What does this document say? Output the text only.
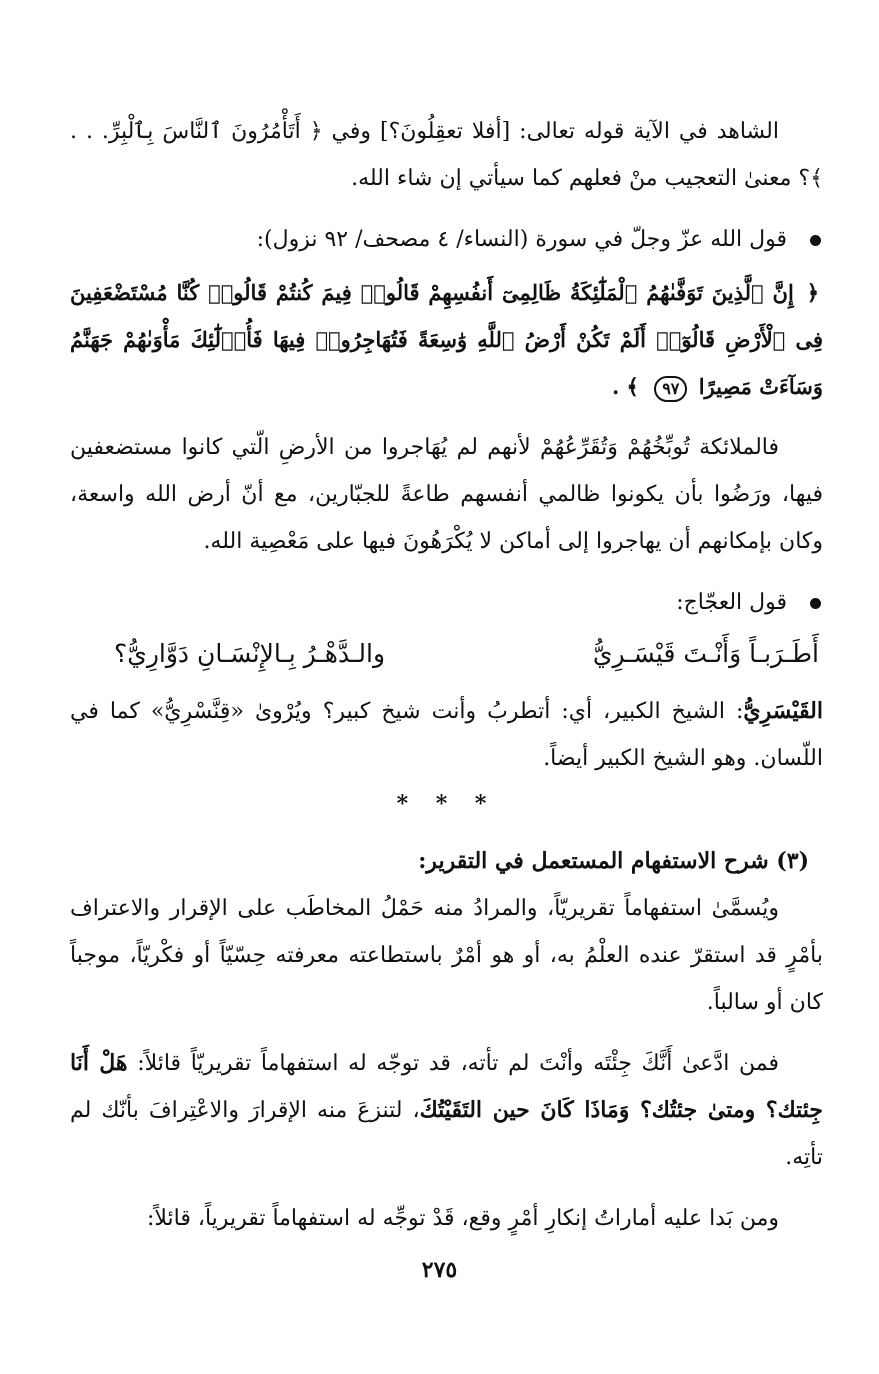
الشاهد في الآية قوله تعالى: [أفلا تعقِلُونَ؟] وفي ﴿ أَتَأْمُرُونَ ٱلنَّاسَ بِٱلْبِرِّ. . . ﴾؟ معنىٰ التعجيب منْ فعلهم كما سيأتي إن شاء الله.

قول الله عزّ وجلّ في سورة (النساء/ ٤ مصحف/ ٩٢ نزول):

﴿ إِنَّ ٱلَّذِينَ تَوَفَّىٰهُمُ ٱلْمَلَٰٓئِكَةُ ظَالِمِىٓ أَنفُسِهِمْ قَالُوا۟ فِيمَ كُنتُمْ قَالُوا۟ كُنَّا مُسْتَضْعَفِينَ فِى ٱلْأَرْضِ قَالُوٓا۟ أَلَمْ تَكُنْ أَرْضُ ٱللَّهِ وَٰسِعَةً فَتُهَاجِرُوا۟ فِيهَا فَأُو۟لَٰٓئِكَ مَأْوَىٰهُمْ جَهَنَّمُ وَسَآءَتْ مَصِيرًا ٩٧ ﴾ .

فالملائكة تُوبِّخُهُمْ وَتُقَرِّعُهُمْ لأنهم لم يُهَاجروا من الأرضِ الّتي كانوا مستضعفين فيها، ورَضُوا بأن يكونوا ظالمي أنفسهم طاعةً للجبّارين، مع أنّ أرض الله واسعة، وكان بإمكانهم أن يهاجروا إلى أماكن لا يُكْرَهُونَ فيها على مَعْصِية الله.

قول العجّاج:
أَطَـرَبـاً وَأَنْـتَ قَيْسَـرِيُّ
والـدَّهْـرُ بِـالإِنْسَـانِ دَوَّارِيُّ؟

القَيْسَرِيُّ: الشيخ الكبير، أي: أتطربُ وأنت شيخ كبير؟ ويُرْوىٰ «قِنَّسْرِيُّ» كما في اللّسان. وهو الشيخ الكبير أيضاً.

* * *
(٣) شرح الاستفهام المستعمل في التقرير:

ويُسمَّىٰ استفهاماً تقريريّاً، والمرادُ منه حَمْلُ المخاطَب على الإقرار والاعتراف بأمْرٍ قد استقرّ عنده العلْمُ به، أو هو أمْرٌ باستطاعته معرفته حِسّيّاً أو فكْريّاً، موجباً كان أو سالباً.

فمن ادَّعىٰ أَنَّكَ جِئْتَه وأنْتَ لم تأته، قد توجّه له استفهاماً تقريريّاً قائلاً: هَلْ أَنَا جِئتك؟ ومتىٰ جئتُك؟ وَمَاذَا كَانَ حين التَقَيْتُكَ، لتنزعَ منه الإقرارَ والاعْتِرافَ بأنّك لم تأتِه.

ومن بَدا عليه أماراتُ إنكارِ أمْرٍ وقع، قَدْ توجِّه له استفهاماً تقريرياً، قائلاً:

٢٧٥
